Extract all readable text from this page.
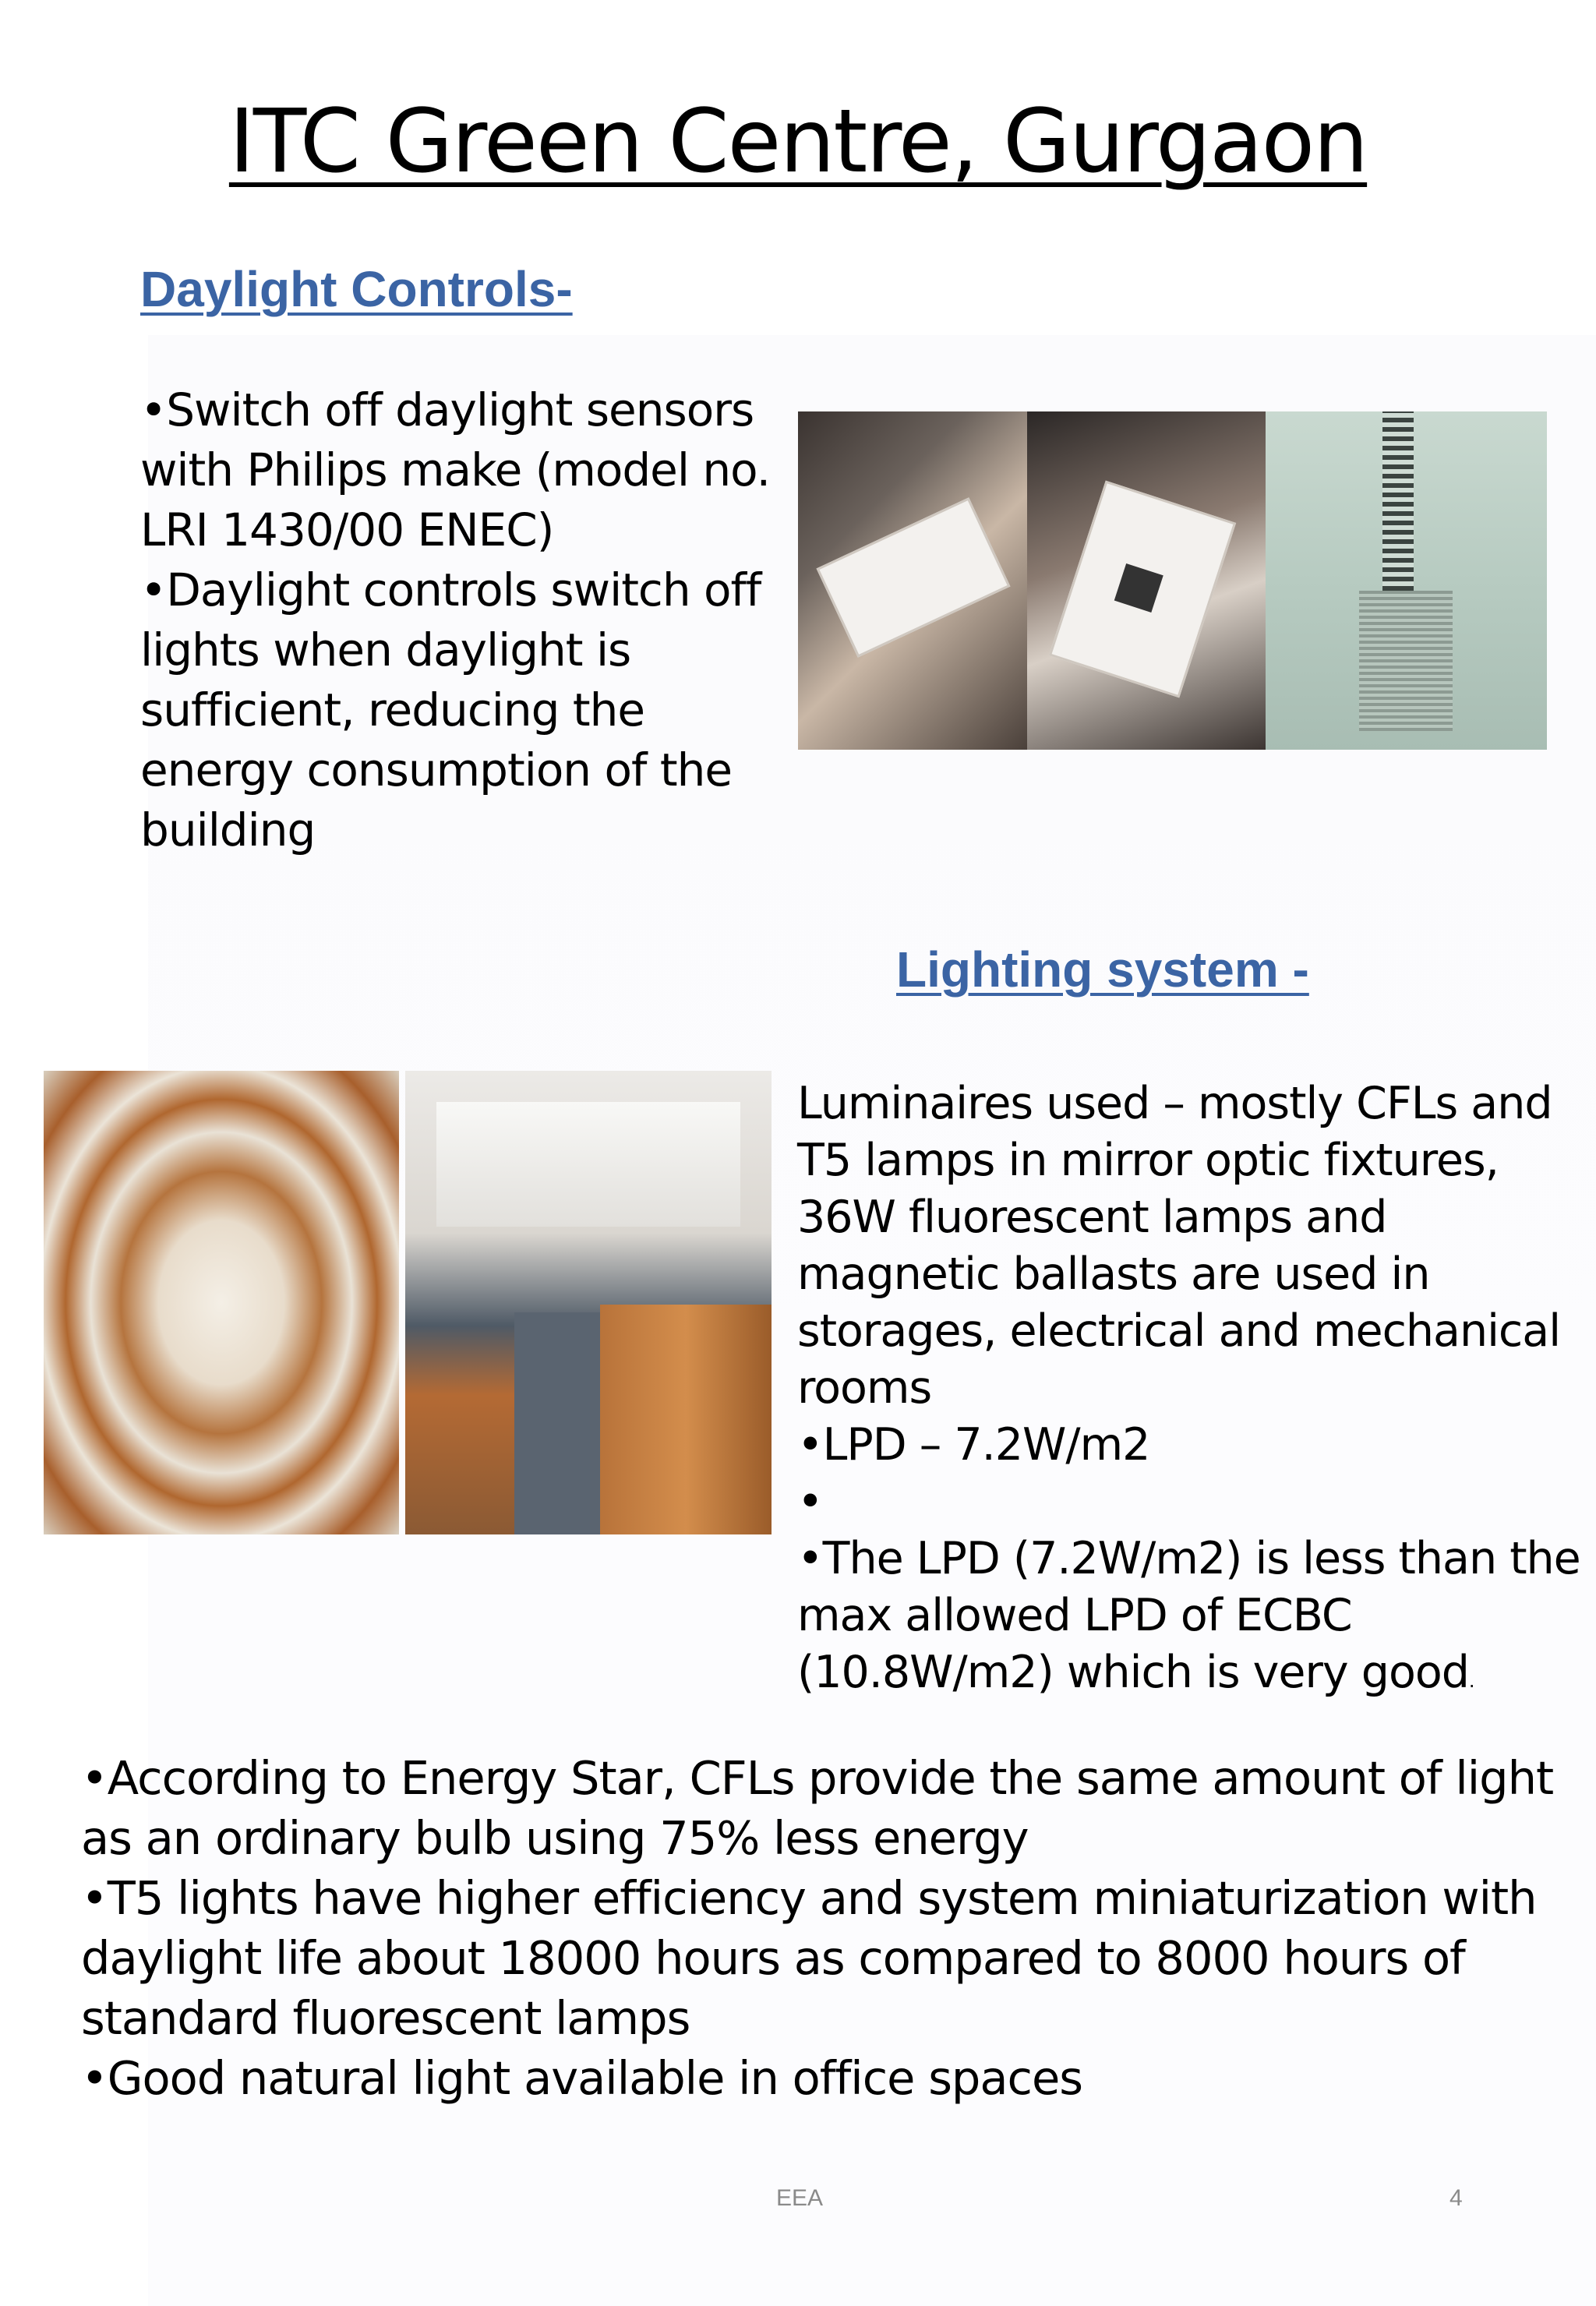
ITC Green Centre, Gurgaon
Daylight Controls-

•Switch off daylight sensors with Philips make (model no. LRI 1430/00 ENEC)

•Daylight controls switch off lights when daylight is sufficient, reducing the energy consumption of the building

Lighting system -

Luminaires used – mostly CFLs and T5 lamps in mirror optic fixtures, 36W fluorescent lamps and magnetic ballasts are used in storages, electrical and mechanical rooms

•LPD – 7.2W/m2

•

•The LPD (7.2W/m2) is less than the max allowed LPD of ECBC (10.8W/m2) which is very good.

•According to Energy Star, CFLs provide the same amount of light as an ordinary bulb using 75% less energy

•T5 lights have higher efficiency and system miniaturization with daylight life about 18000 hours as compared to 8000 hours of standard fluorescent lamps

•Good natural light available in office spaces

EEA	4
